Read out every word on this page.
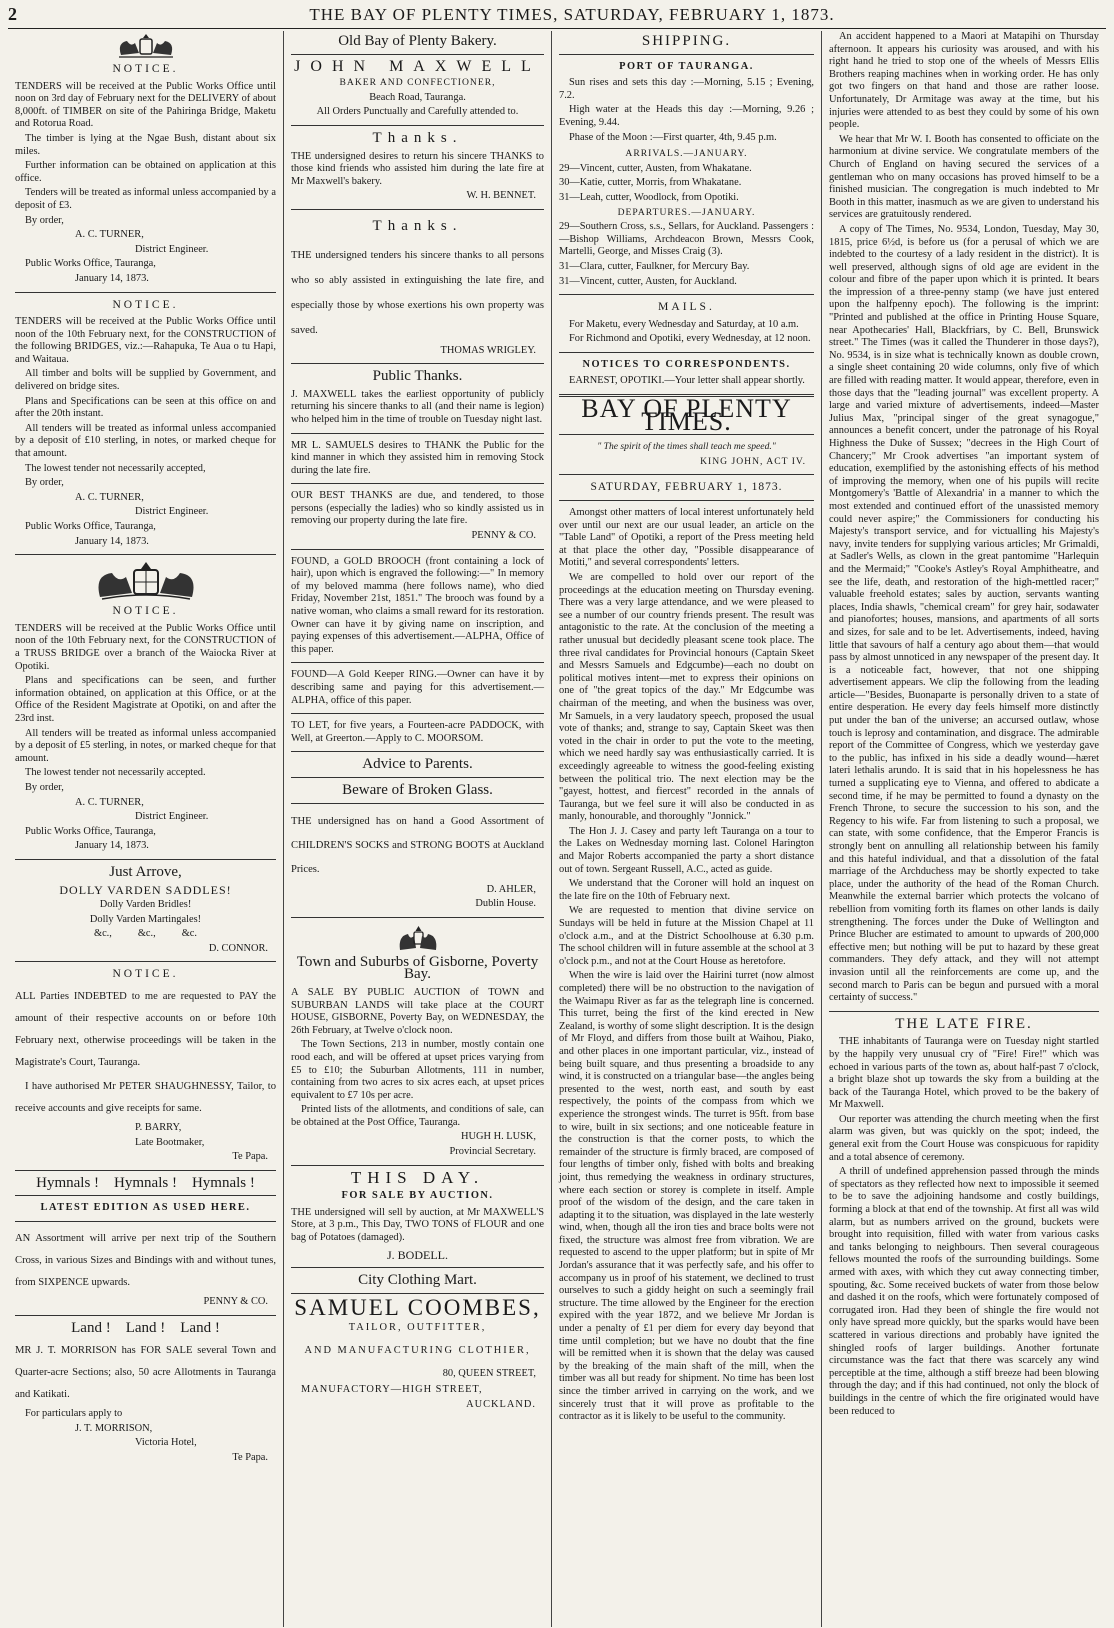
2	THE BAY OF PLENTY TIMES, SATURDAY, FEBRUARY 1, 1873.
NOTICE.

TENDERS will be received at the Public Works Office until noon on 3rd day of February next for the DELIVERY of about 8,000ft. of TIMBER on site of the Pahiringa Bridge, Maketu and Rotorua Road.

The timber is lying at the Ngae Bush, distant about six miles.

Further information can be obtained on application at this office.

Tenders will be treated as informal unless accompanied by a deposit of £3.

By order,

A. C. TURNER,

District Engineer.

Public Works Office, Tauranga,

January 14, 1873.

NOTICE.

TENDERS will be received at the Public Works Office until noon of the 10th February next, for the CONSTRUCTION of the following BRIDGES, viz.:—Rahapuka, Te Aua o tu Hapi, and Waitaua.

All timber and bolts will be supplied by Government, and delivered on bridge sites.

Plans and Specifications can be seen at this office on and after the 20th instant.

All tenders will be treated as informal unless accompanied by a deposit of £10 sterling, in notes, or marked cheque for that amount.

The lowest tender not necessarily accepted,

By order,

A. C. TURNER,

District Engineer.

Public Works Office, Tauranga,

January 14, 1873.

NOTICE.

TENDERS will be received at the Public Works Office until noon of the 10th February next, for the CONSTRUCTION of a TRUSS BRIDGE over a branch of the Waiocka River at Opotiki.

Plans and specifications can be seen, and further information obtained, on application at this Office, or at the Office of the Resident Magistrate at Opotiki, on and after the 23rd inst.

All tenders will be treated as informal unless accompanied by a deposit of £5 sterling, in notes, or marked cheque for that amount.

The lowest tender not necessarily accepted.

By order,

A. C. TURNER,

District Engineer.

Public Works Office, Tauranga,

January 14, 1873.

Just Arrove,

DOLLY VARDEN SADDLES!

Dolly Varden Bridles!

Dolly Varden Martingales!

&c.,          &c.,          &c.

D. CONNOR.

NOTICE.

ALL Parties INDEBTED to me are requested to PAY the amount of their respective accounts on or before 10th February next, otherwise proceedings will be taken in the Magistrate's Court, Tauranga.

I have authorised Mr PETER SHAUGHNESSY, Tailor, to receive accounts and give receipts for same.

P. BARRY,

Late Bootmaker,

Te Papa.

Hymnals !    Hymnals !    Hymnals !
LATEST EDITION AS USED HERE.

AN Assortment will arrive per next trip of the Southern Cross, in various Sizes and Bindings with and without tunes, from SIXPENCE upwards.

PENNY & CO.

Land !    Land !    Land !

MR J. T. MORRISON has FOR SALE several Town and Quarter-acre Sections; also, 50 acre Allotments in Tauranga and Katikati.

For particulars apply to

J. T. MORRISON,

Victoria Hotel,

Te Papa.

Old Bay of Plenty Bakery.
JOHN MAXWELL

BAKER AND CONFECTIONER,

Beach Road, Tauranga.

All Orders Punctually and Carefully attended to.

Thanks.

THE undersigned desires to return his sincere THANKS to those kind friends who assisted him during the late fire at Mr Maxwell's bakery.

W. H. BENNET.

Thanks.

THE undersigned tenders his sincere thanks to all persons who so ably assisted in extinguishing the late fire, and especially those by whose exertions his own property was saved.

THOMAS WRIGLEY.

Public Thanks.

J. MAXWELL takes the earliest opportunity of publicly returning his sincere thanks to all (and their name is legion) who helped him in the time of trouble on Tuesday night last.

MR L. SAMUELS desires to THANK the Public for the kind manner in which they assisted him in removing Stock during the late fire.

OUR BEST THANKS are due, and tendered, to those persons (especially the ladies) who so kindly assisted us in removing our property during the late fire.

PENNY & CO.

FOUND, a GOLD BROOCH (front containing a lock of hair), upon which is engraved the following:—" In memory of my beloved mamma (here follows name), who died Friday, November 21st, 1851." The brooch was found by a native woman, who claims a small reward for its restoration. Owner can have it by giving name on inscription, and paying expenses of this advertisement.—ALPHA, Office of this paper.

FOUND—A Gold Keeper RING.—Owner can have it by describing same and paying for this advertisement.—ALPHA, office of this paper.

TO LET, for five years, a Fourteen-acre PADDOCK, with Well, at Greerton.—Apply to C. MOORSOM.

Advice to Parents.
Beware of Broken Glass.

THE undersigned has on hand a Good Assortment of CHILDREN'S SOCKS and STRONG BOOTS at Auckland Prices.

D. AHLER,

Dublin House.

Town and Suburbs of Gisborne, Poverty Bay.

A SALE BY PUBLIC AUCTION of TOWN and SUBURBAN LANDS will take place at the COURT HOUSE, GISBORNE, Poverty Bay, on WEDNESDAY, the 26th February, at Twelve o'clock noon.

The Town Sections, 213 in number, mostly contain one rood each, and will be offered at upset prices varying from £5 to £10; the Suburban Allotments, 111 in number, containing from two acres to six acres each, at upset prices equivalent to £7 10s per acre.

Printed lists of the allotments, and conditions of sale, can be obtained at the Post Office, Tauranga.

HUGH H. LUSK,

Provincial Secretary.

THIS DAY.
FOR SALE BY AUCTION.

THE undersigned will sell by auction, at Mr MAXWELL'S Store, at 3 p.m., This Day, TWO TONS of FLOUR and one bag of Potatoes (damaged).

J. BODELL.

City Clothing Mart.
SAMUEL COOMBES,

TAILOR, OUTFITTER,

AND MANUFACTURING CLOTHIER,

80, QUEEN STREET,

MANUFACTORY—HIGH STREET,

AUCKLAND.

SHIPPING.
PORT OF TAURANGA.

Sun rises and sets this day :—Morning, 5.15 ; Evening, 7.2.

High water at the Heads this day :—Morning, 9.26 ; Evening, 9.44.

Phase of the Moon :—First quarter, 4th, 9.45 p.m.

ARRIVALS.—JANUARY.

29—Vincent, cutter, Austen, from Whakatane.

30—Katie, cutter, Morris, from Whakatane.

31—Leah, cutter, Woodlock, from Opotiki.

DEPARTURES.—JANUARY.

29—Southern Cross, s.s., Sellars, for Auckland. Passengers :—Bishop Williams, Archdeacon Brown, Messrs Cook, Martelli, George, and Misses Craig (3).

31—Clara, cutter, Faulkner, for Mercury Bay.

31—Vincent, cutter, Austen, for Auckland.

MAILS.

For Maketu, every Wednesday and Saturday, at 10 a.m.

For Richmond and Opotiki, every Wednesday, at 12 noon.

NOTICES TO CORRESPONDENTS.

EARNEST, OPOTIKI.—Your letter shall appear shortly.

BAY OF PLENTY TIMES.

" The spirit of the times shall teach me speed."

KING JOHN, ACT IV.

SATURDAY, FEBRUARY 1, 1873.

Amongst other matters of local interest unfortunately held over until our next are our usual leader, an article on the "Table Land" of Opotiki, a report of the Press meeting held at that place the other day, "Possible disappearance of Motiti," and several correspondents' letters.

We are compelled to hold over our report of the proceedings at the education meeting on Thursday evening. There was a very large attendance, and we were pleased to see a number of our country friends present. The result was antagonistic to the rate. At the conclusion of the meeting a rather unusual but decidedly pleasant scene took place. The three rival candidates for Provincial honours (Captain Skeet and Messrs Samuels and Edgcumbe)—each no doubt on political motives intent—met to express their opinions on one of "the great topics of the day." Mr Edgcumbe was chairman of the meeting, and when the business was over, Mr Samuels, in a very laudatory speech, proposed the usual vote of thanks; and, strange to say, Captain Skeet was then voted in the chair in order to put the vote to the meeting, which we need hardly say was enthusiastically carried. It is exceedingly agreeable to witness the good-feeling existing between the political trio. The next election may be the "gayest, hottest, and fiercest" recorded in the annals of Tauranga, but we feel sure it will also be conducted in as manly, honourable, and thoroughly "Jonnick."

The Hon J. J. Casey and party left Tauranga on a tour to the Lakes on Wednesday morning last. Colonel Harington and Major Roberts accompanied the party a short distance out of town. Sergeant Russell, A.C., acted as guide.

We understand that the Coroner will hold an inquest on the late fire on the 10th of February next.

We are requested to mention that divine service on Sundays will be held in future at the Mission Chapel at 11 o'clock a.m., and at the District Schoolhouse at 6.30 p.m. The school children will in future assemble at the school at 3 o'clock p.m., and not at the Court House as heretofore.

When the wire is laid over the Hairini turret (now almost completed) there will be no obstruction to the navigation of the Waimapu River as far as the telegraph line is concerned. This turret, being the first of the kind erected in New Zealand, is worthy of some slight description. It is the design of Mr Floyd, and differs from those built at Waihou, Piako, and other places in one important particular, viz., instead of being built square, and thus presenting a broadside to any wind, it is constructed on a triangular base—the angles being presented to the west, north east, and south by east respectively, the points of the compass from which we experience the strongest winds. The turret is 95ft. from base to wire, built in six sections; and one noticeable feature in the construction is that the corner posts, to which the remainder of the structure is firmly braced, are composed of four lengths of timber only, fished with bolts and breaking joint, thus remedying the weakness in ordinary structures, where each section or storey is complete in itself. Ample proof of the wisdom of the design, and the care taken in adapting it to the situation, was displayed in the late westerly wind, when, though all the iron ties and brace bolts were not fixed, the structure was almost free from vibration. We are requested to ascend to the upper platform; but in spite of Mr Jordan's assurance that it was perfectly safe, and his offer to accompany us in proof of his statement, we declined to trust ourselves to such a giddy height on such a seemingly frail structure. The time allowed by the Engineer for the erection expired with the year 1872, and we believe Mr Jordan is under a penalty of £1 per diem for every day beyond that time until completion; but we have no doubt that the fine will be remitted when it is shown that the delay was caused by the breaking of the main shaft of the mill, when the timber was all but ready for shipment. No time has been lost since the timber arrived in carrying on the work, and we sincerely trust that it will prove as profitable to the contractor as it is likely to be useful to the community.

An accident happened to a Maori at Matapihi on Thursday afternoon. It appears his curiosity was aroused, and with his right hand he tried to stop one of the wheels of Messrs Ellis Brothers reaping machines when in working order. He has only got two fingers on that hand and those are rather loose. Unfortunately, Dr Armitage was away at the time, but his injuries were attended to as best they could by some of his own people.

We hear that Mr W. I. Booth has consented to officiate on the harmonium at divine service. We congratulate members of the Church of England on having secured the services of a gentleman who on many occasions has proved himself to be a finished musician. The congregation is much indebted to Mr Booth in this matter, inasmuch as we are given to understand his services are gratuitously rendered.

A copy of The Times, No. 9534, London, Tuesday, May 30, 1815, price 6½d, is before us (for a perusal of which we are indebted to the courtesy of a lady resident in the district). It is well preserved, although signs of old age are evident in the colour and fibre of the paper upon which it is printed. It bears the impression of a three-penny stamp (we have just entered upon the halfpenny epoch). The following is the imprint: "Printed and published at the office in Printing House Square, near Apothecaries' Hall, Blackfriars, by C. Bell, Brunswick street." The Times (was it called the Thunderer in those days?), No. 9534, is in size what is technically known as double crown, a single sheet containing 20 wide columns, only five of which are filled with reading matter. It would appear, therefore, even in those days that the "leading journal" was excellent property. A large and varied mixture of advertisements, indeed—Master Julius Max, "principal singer of the great synagogue," announces a benefit concert, under the patronage of his Royal Highness the Duke of Sussex; "decrees in the High Court of Chancery;" Mr Crook advertises "an important system of education, exemplified by the astonishing effects of his method of improving the memory, when one of his pupils will recite Montgomery's 'Battle of Alexandria' in a manner to which the most extended and continued effort of the unassisted memory could never aspire;" the Commissioners for conducting his Majesty's transport service, and for victualling his Majesty's navy, invite tenders for supplying various articles; Mr Grimaldi, at Sadler's Wells, as clown in the great pantomime "Harlequin and the Mermaid;" "Cooke's Astley's Royal Amphitheatre, and see the life, death, and restoration of the high-mettled racer;" valuable freehold estates; sales by auction, servants wanting places, India shawls, "chemical cream" for grey hair, sodawater and pianofortes; houses, mansions, and apartments of all sorts and sizes, for sale and to be let. Advertisements, indeed, having little that savours of half a century ago about them—that would pass by almost unnoticed in any newspaper of the present day. It is a noticeable fact, however, that not one shipping advertisement appears. We clip the following from the leading article—"Besides, Buonaparte is personally driven to a state of entire desperation. He every day feels himself more distinctly put under the ban of the universe; an accursed outlaw, whose touch is leprosy and contamination, and disgrace. The admirable report of the Committee of Congress, which we yesterday gave to the public, has infixed in his side a deadly wound—hæret lateri lethalis arundo. It is said that in his hopelessness he has turned a supplicating eye to Vienna, and offered to abdicate a second time, if he may be permitted to found a dynasty on the French Throne, to secure the succession to his son, and the Regency to his wife. Far from listening to such a proposal, we can state, with some confidence, that the Emperor Francis is strongly bent on annulling all relationship between his family and this hateful individual, and that a dissolution of the fatal marriage of the Archduchess may be shortly expected to take place, under the authority of the head of the Roman Church. Meanwhile the external barrier which protects the volcano of rebellion from vomiting forth its flames on other lands is daily strengthening. The forces under the Duke of Wellington and Prince Blucher are estimated to amount to upwards of 200,000 effective men; but nothing will be put to hazard by these great commanders. They defy attack, and they will not attempt invasion until all the reinforcements are come up, and the second march to Paris can be begun and pursued with a moral certainty of success."

THE LATE FIRE.

THE inhabitants of Tauranga were on Tuesday night startled by the happily very unusual cry of "Fire! Fire!" which was echoed in various parts of the town as, about half-past 7 o'clock, a bright blaze shot up towards the sky from a building at the back of the Tauranga Hotel, which proved to be the bakery of Mr Maxwell.

Our reporter was attending the church meeting when the first alarm was given, but was quickly on the spot; indeed, the general exit from the Court House was conspicuous for rapidity and a total absence of ceremony.

A thrill of undefined apprehension passed through the minds of spectators as they reflected how next to impossible it seemed to be to save the adjoining handsome and costly buildings, forming a block at that end of the township. At first all was wild alarm, but as numbers arrived on the ground, buckets were brought into requisition, filled with water from various casks and tanks belonging to neighbours. Then several courageous fellows mounted the roofs of the surrounding buildings. Some armed with axes, with which they cut away connecting timber, spouting, &c. Some received buckets of water from those below and dashed it on the roofs, which were fortunately composed of corrugated iron. Had they been of shingle the fire would not only have spread more quickly, but the sparks would have been scattered in various directions and probably have ignited the shingled roofs of larger buildings. Another fortunate circumstance was the fact that there was scarcely any wind perceptible at the time, although a stiff breeze had been blowing through the day; and if this had continued, not only the block of buildings in the centre of which the fire originated would have been reduced to
